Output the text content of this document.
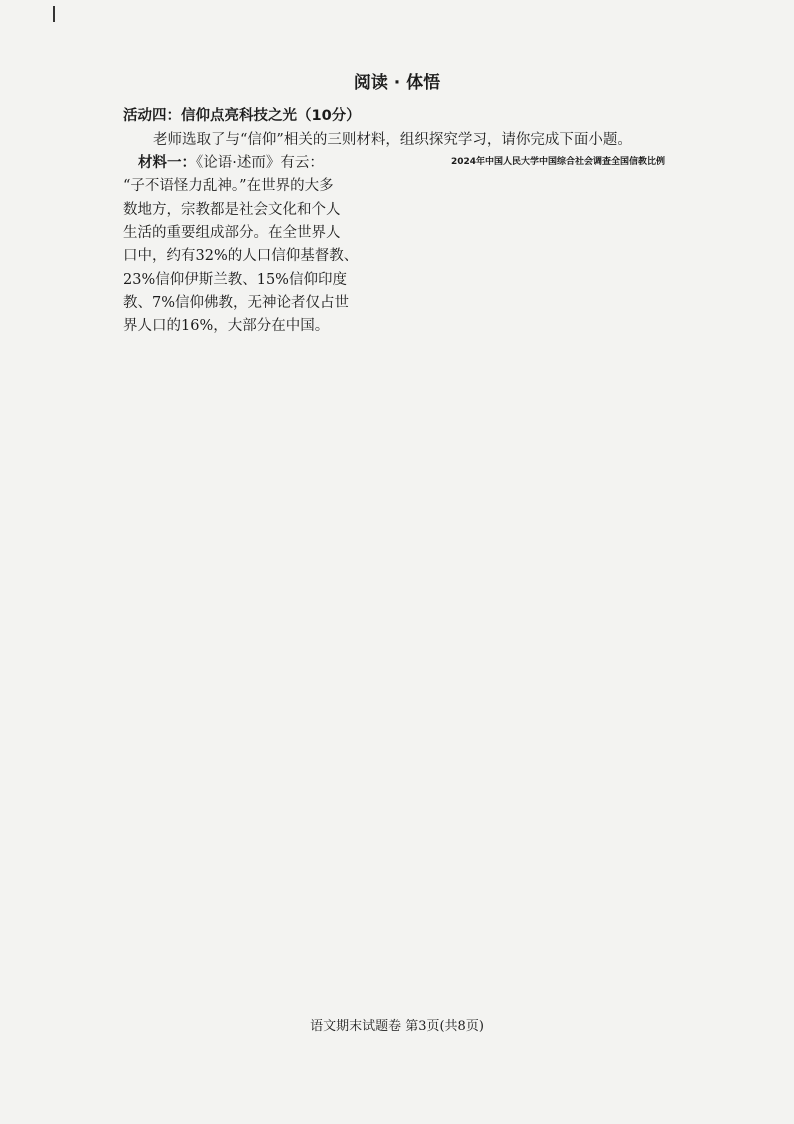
阅读 · 体悟
活动四：信仰点亮科技之光（10分）
老师选取了与“信仰”相关的三则材料，组织探究学习，请你完成下面小题。
材料一：《论语·述而》有云：
“子不语怪力乱神。”在世界的大多
数地方，宗教都是社会文化和个人
生活的重要组成部分。在全世界人
口中，约有32%的人口信仰基督教、
23%信仰伊斯兰教、15%信仰印度
教、7%信仰佛教，无神论者仅占世
界人口的16%，大部分在中国。
2024年中国人民大学中国综合社会调查全国信教比例
语文期末试题卷 第3页(共8页)
